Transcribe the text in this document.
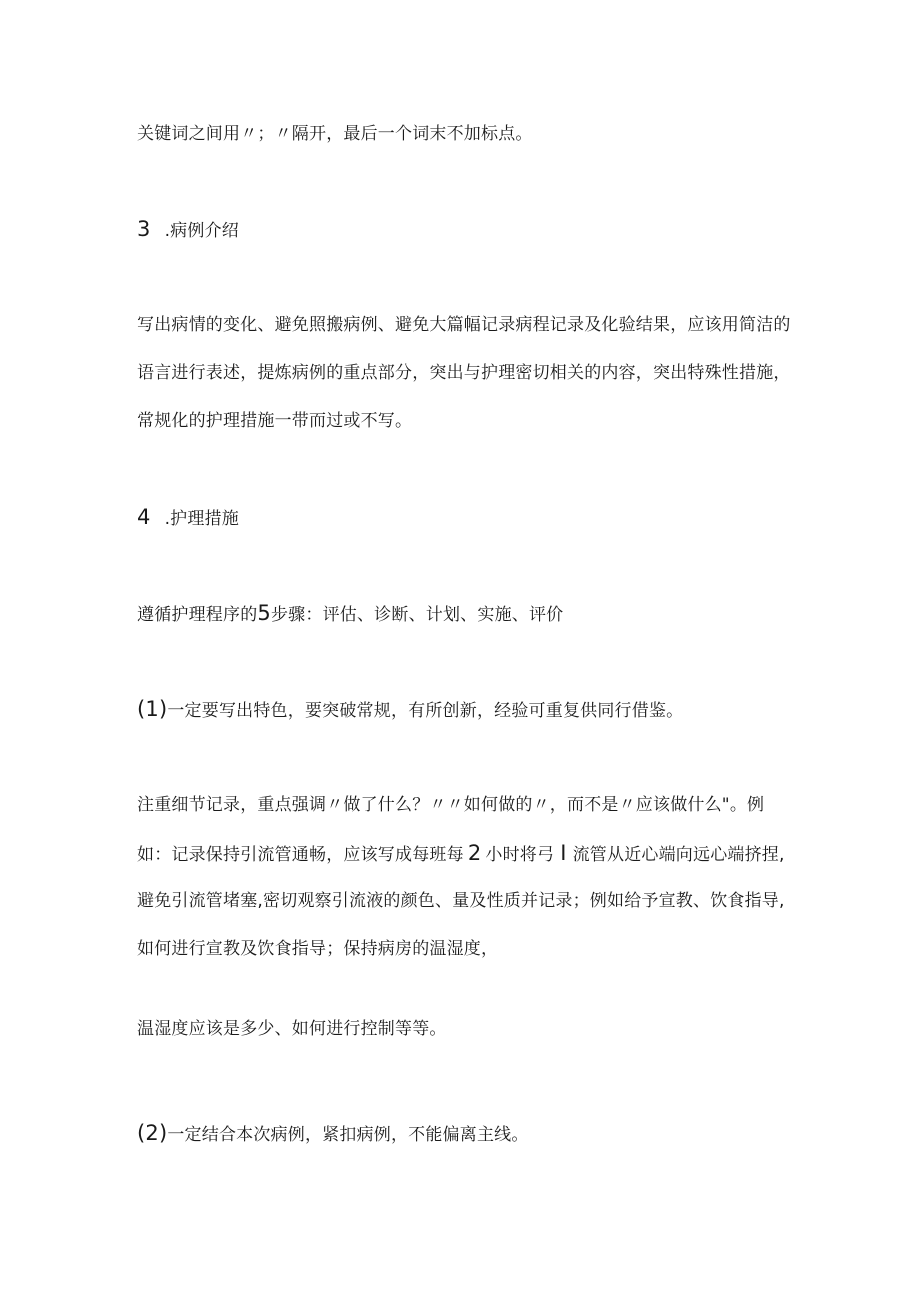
关键词之间用〃；〃隔开，最后一个词末不加标点。
3 .病例介绍
写出病情的变化、避免照搬病例、避免大篇幅记录病程记录及化验结果，应该用简洁的
语言进行表述，提炼病例的重点部分，突出与护理密切相关的内容，突出特殊性措施，
常规化的护理措施一带而过或不写。
4 .护理措施
遵循护理程序的5步骤：评估、诊断、计划、实施、评价
(1)一定要写出特色，要突破常规，有所创新，经验可重复供同行借鉴。
注重细节记录，重点强调〃做了什么？〃〃如何做的〃，而不是〃应该做什么"。例
如：记录保持引流管通畅，应该写成每班每 2 小时将弓 I 流管从近心端向远心端挤捏,
避免引流管堵塞,密切观察引流液的颜色、量及性质并记录；例如给予宣教、饮食指导,
如何进行宣教及饮食指导；保持病房的温湿度，
温湿度应该是多少、如何进行控制等等。
(2)一定结合本次病例，紧扣病例，不能偏离主线。
